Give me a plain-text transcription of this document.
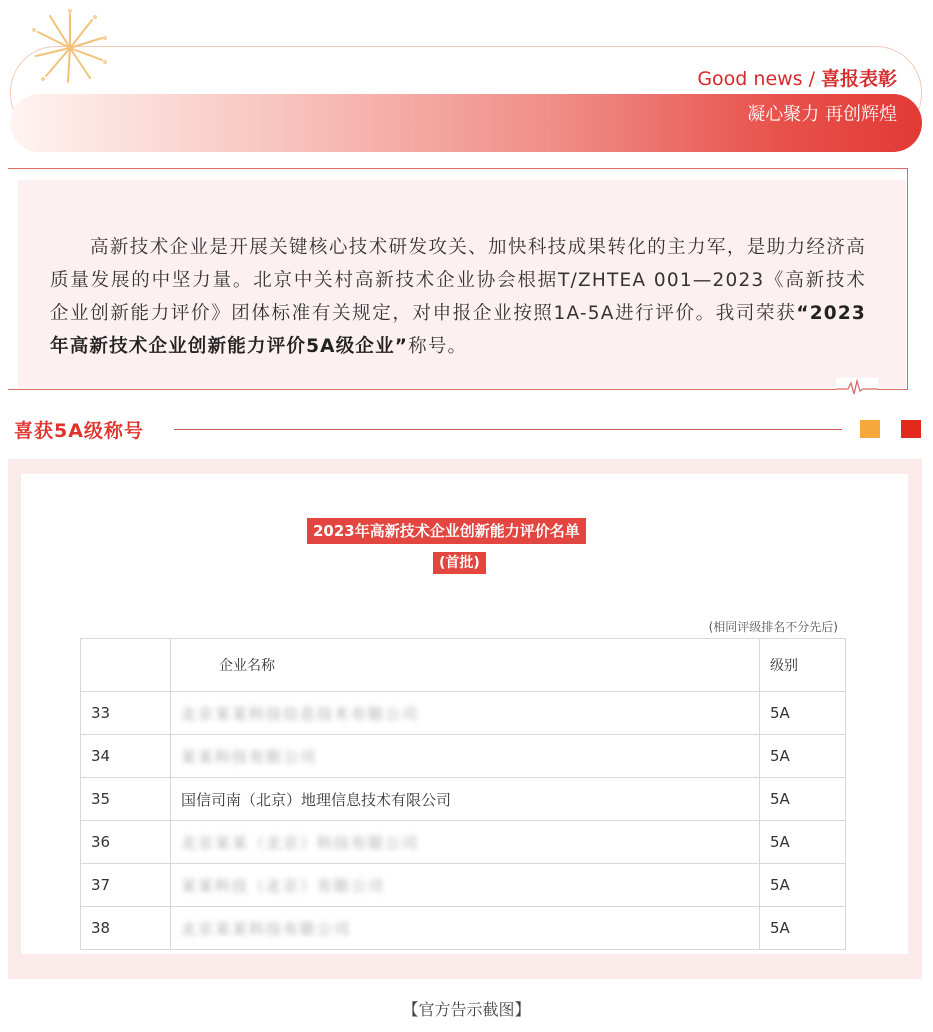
Good news / 喜报表彰
凝心聚力 再创辉煌

高新技术企业是开展关键核心技术研发攻关、加快科技成果转化的主力军，是助力经济高质量发展的中坚力量。北京中关村高新技术企业协会根据T/ZHTEA 001—2023《高新技术企业创新能力评价》团体标准有关规定，对申报企业按照1A-5A进行评价。我司荣获“2023年高新技术企业创新能力评价5A级企业”称号。

喜获5A级称号
2023年高新技术企业创新能力评价名单
(首批)
(相同评级排名不分先后)
	企业名称	级别
33	北京某某科技信息技术有限公司	5A
34	某某科技有限公司	5A
35	国信司南（北京）地理信息技术有限公司	5A
36	北京某某（北京）科技有限公司	5A
37	某某科技（北京）有限公司	5A
38	北京某某科技有限公司	5A
【官方告示截图】
